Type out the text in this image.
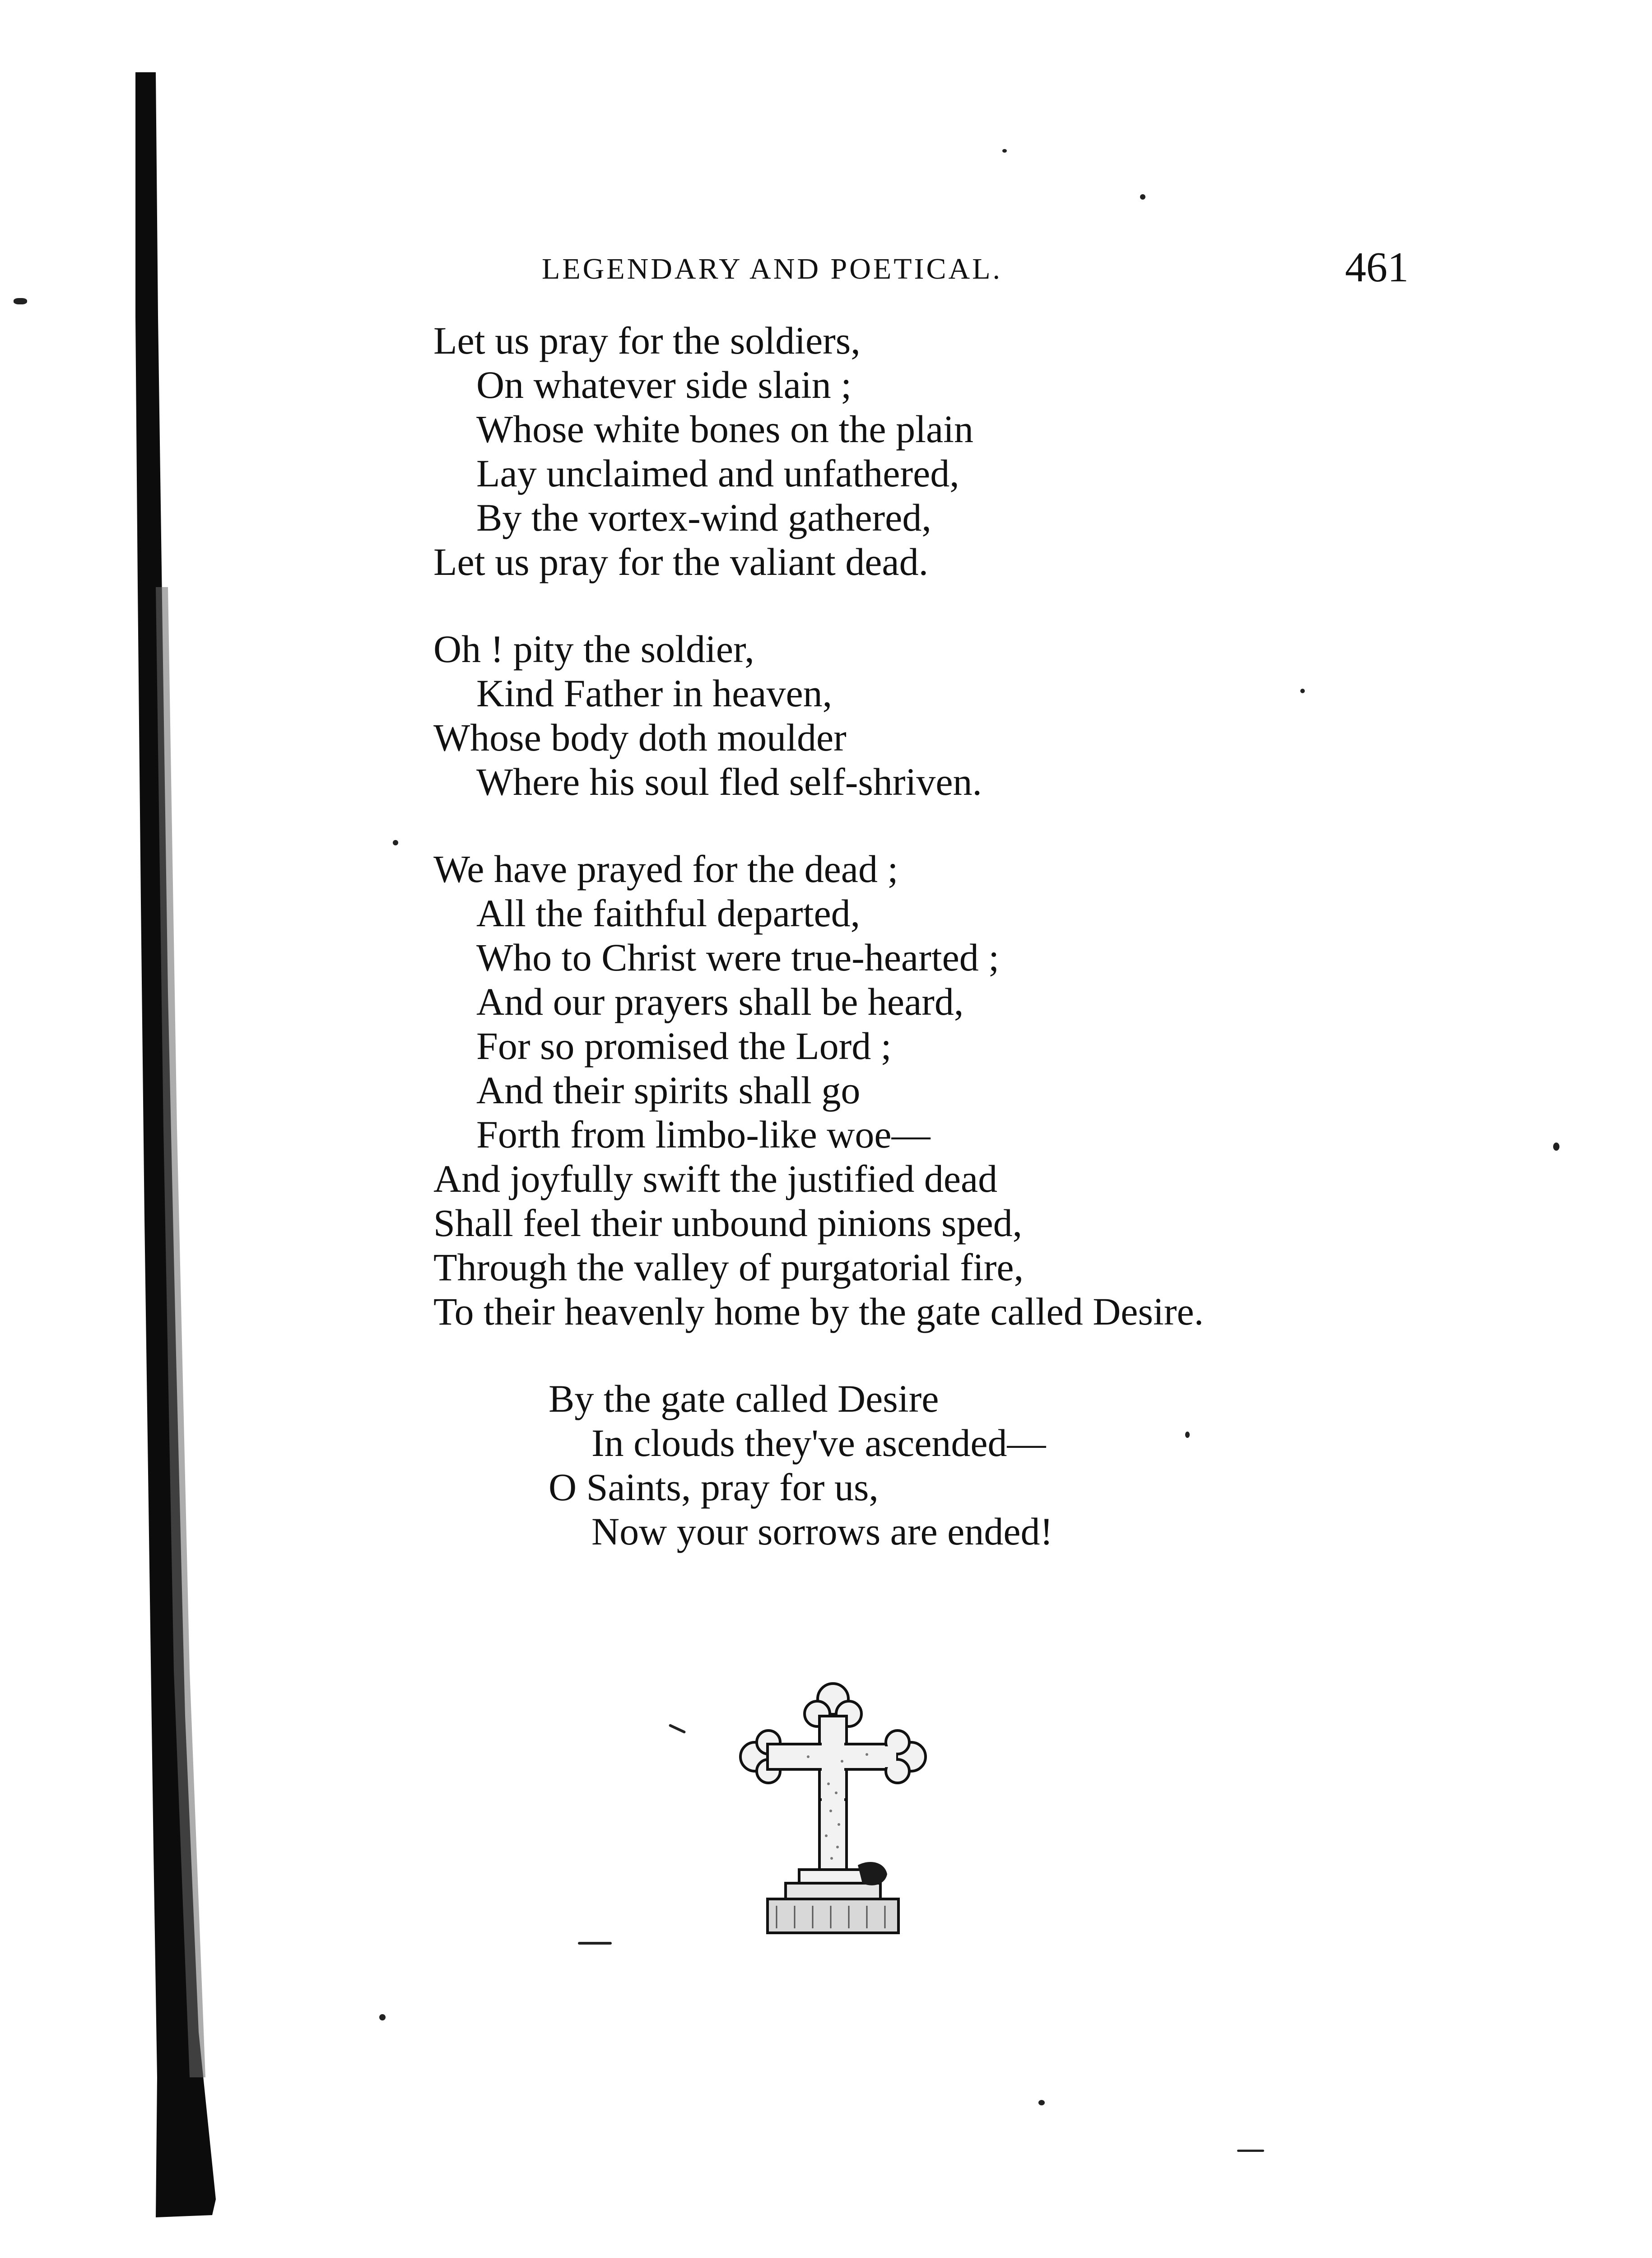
LEGENDARY AND POETICAL.	461
Let us pray for the soldiers,
On whatever side slain ;
Whose white bones on the plain
Lay unclaimed and unfathered,
By the vortex-wind gathered,
Let us pray for the valiant dead.
Oh ! pity the soldier,
Kind Father in heaven,
Whose body doth moulder
Where his soul fled self-shriven.
We have prayed for the dead ;
All the faithful departed,
Who to Christ were true-hearted ;
And our prayers shall be heard,
For so promised the Lord ;
And their spirits shall go
Forth from limbo-like woe—
And joyfully swift the justified dead
Shall feel their unbound pinions sped,
Through the valley of purgatorial fire,
To their heavenly home by the gate called Desire.
By the gate called Desire
In clouds they've ascended—
O Saints, pray for us,
Now your sorrows are ended!
